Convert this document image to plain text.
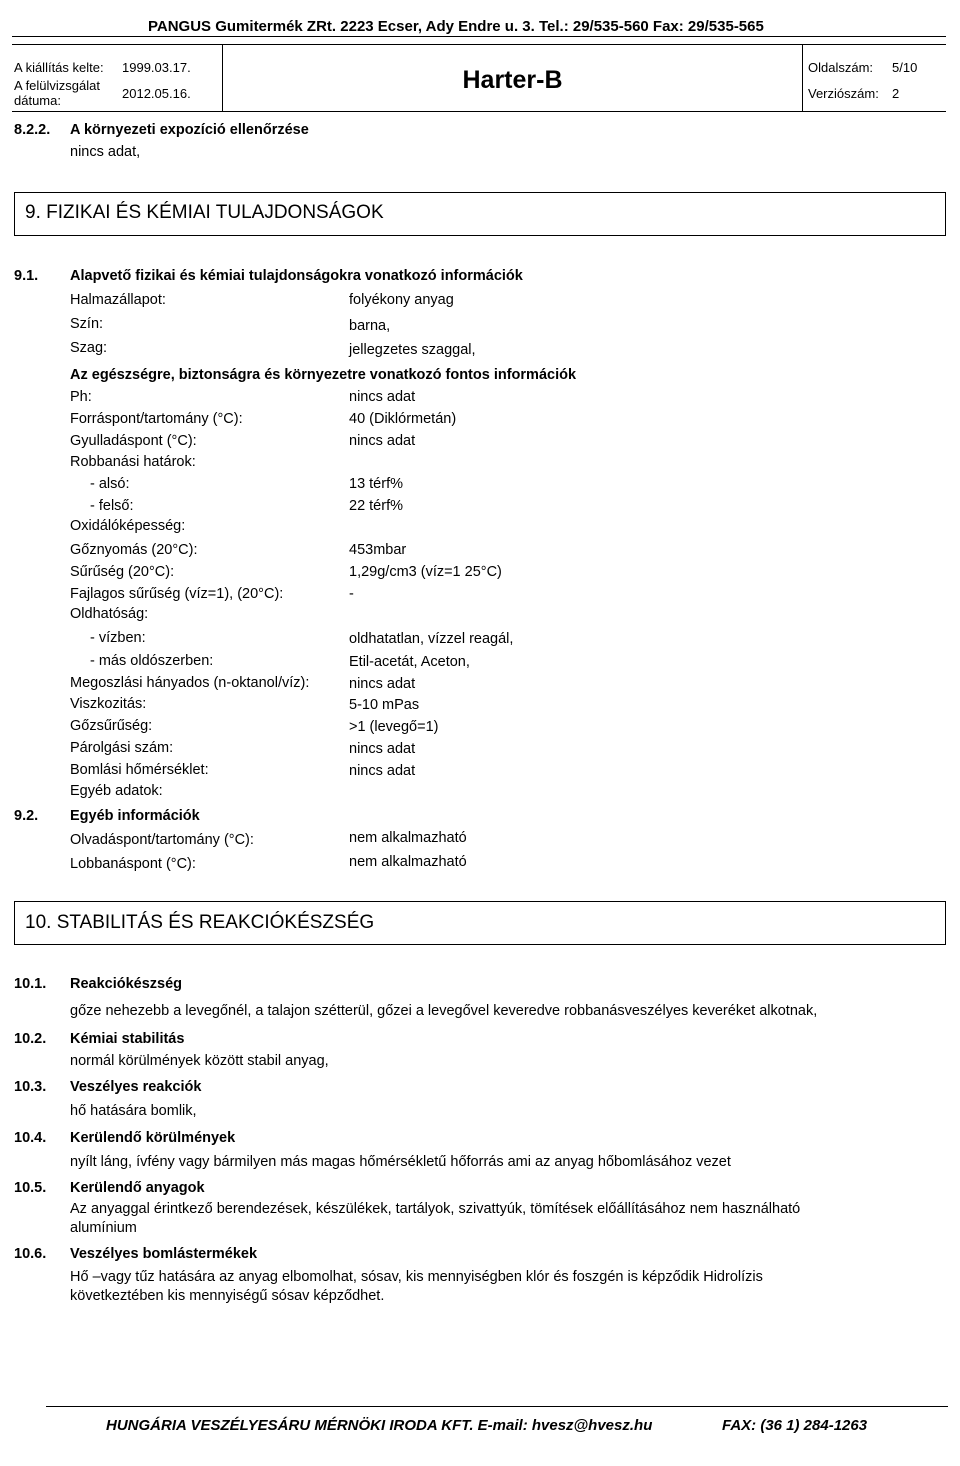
PANGUS Gumitermék ZRt. 2223 Ecser, Ady Endre u. 3. Tel.: 29/535-560 Fax: 29/535-565
A kiállítás kelte: 1999.03.17.
A felülvizsgálat
dátuma:	2012.05.16.	Harter-B	Oldalszám: 5/10
Verziószám: 2
8.2.2. A környezeti expozíció ellenőrzése
nincs adat,
9. FIZIKAI ÉS KÉMIAI TULAJDONSÁGOK
9.1. Alapvető fizikai és kémiai tulajdonságokra vonatkozó információk
Halmazállapot:	folyékony anyag
Szín:	barna,
Szag:	jellegzetes szaggal,
Az egészségre, biztonságra és környezetre vonatkozó fontos információk
Ph:	nincs adat
Forráspont/tartomány (°C):	40 (Diklórmetán)
Gyulladáspont (°C):	nincs adat
Robbanási határok:
- alsó:	13 térf%
- felső:	22 térf%
Oxidálóképesség:
Gőznyomás (20°C):	453mbar
Sűrűség (20°C):	1,29g/cm3 (víz=1 25°C)
Fajlagos sűrűség (víz=1), (20°C):	-
Oldhatóság:
- vízben:	oldhatatlan, vízzel reagál,
- más oldószerben:	Etil-acetát, Aceton,
Megoszlási hányados (n-oktanol/víz):	nincs adat
Viszkozitás:	5-10 mPas
Gőzsűrűség:	>1 (levegő=1)
Párolgási szám:	nincs adat
Bomlási hőmérséklet:	nincs adat
Egyéb adatok:
9.2. Egyéb információk
Olvadáspont/tartomány (°C):	nem alkalmazható
Lobbanáspont (°C):	nem alkalmazható
10. STABILITÁS ÉS REAKCIÓKÉSZSÉG
10.1. Reakciókészség
gőze nehezebb a levegőnél, a talajon szétterül, gőzei a levegővel keveredve robbanásveszélyes keveréket alkotnak,
10.2. Kémiai stabilitás
normál körülmények között stabil anyag,
10.3. Veszélyes reakciók
hő hatására bomlik,
10.4. Kerülendő körülmények
nyílt láng, ívfény vagy bármilyen más magas hőmérsékletű hőforrás ami az anyag hőbomlásához vezet
10.5. Kerülendő anyagok
Az anyaggal érintkező berendezések, készülékek, tartályok, szivattyúk, tömítések előállításához nem használható
alumínium
10.6. Veszélyes bomlástermékek
Hő –vagy tűz hatására az anyag elbomolhat, sósav, kis mennyiségben klór és foszgén is képződik Hidrolízis
következtében kis mennyiségű sósav képződhet.
HUNGÁRIA VESZÉLYESÁRU MÉRNÖKI IRODA KFT. E-mail: hvesz@hvesz.hu	FAX: (36 1) 284-1263
